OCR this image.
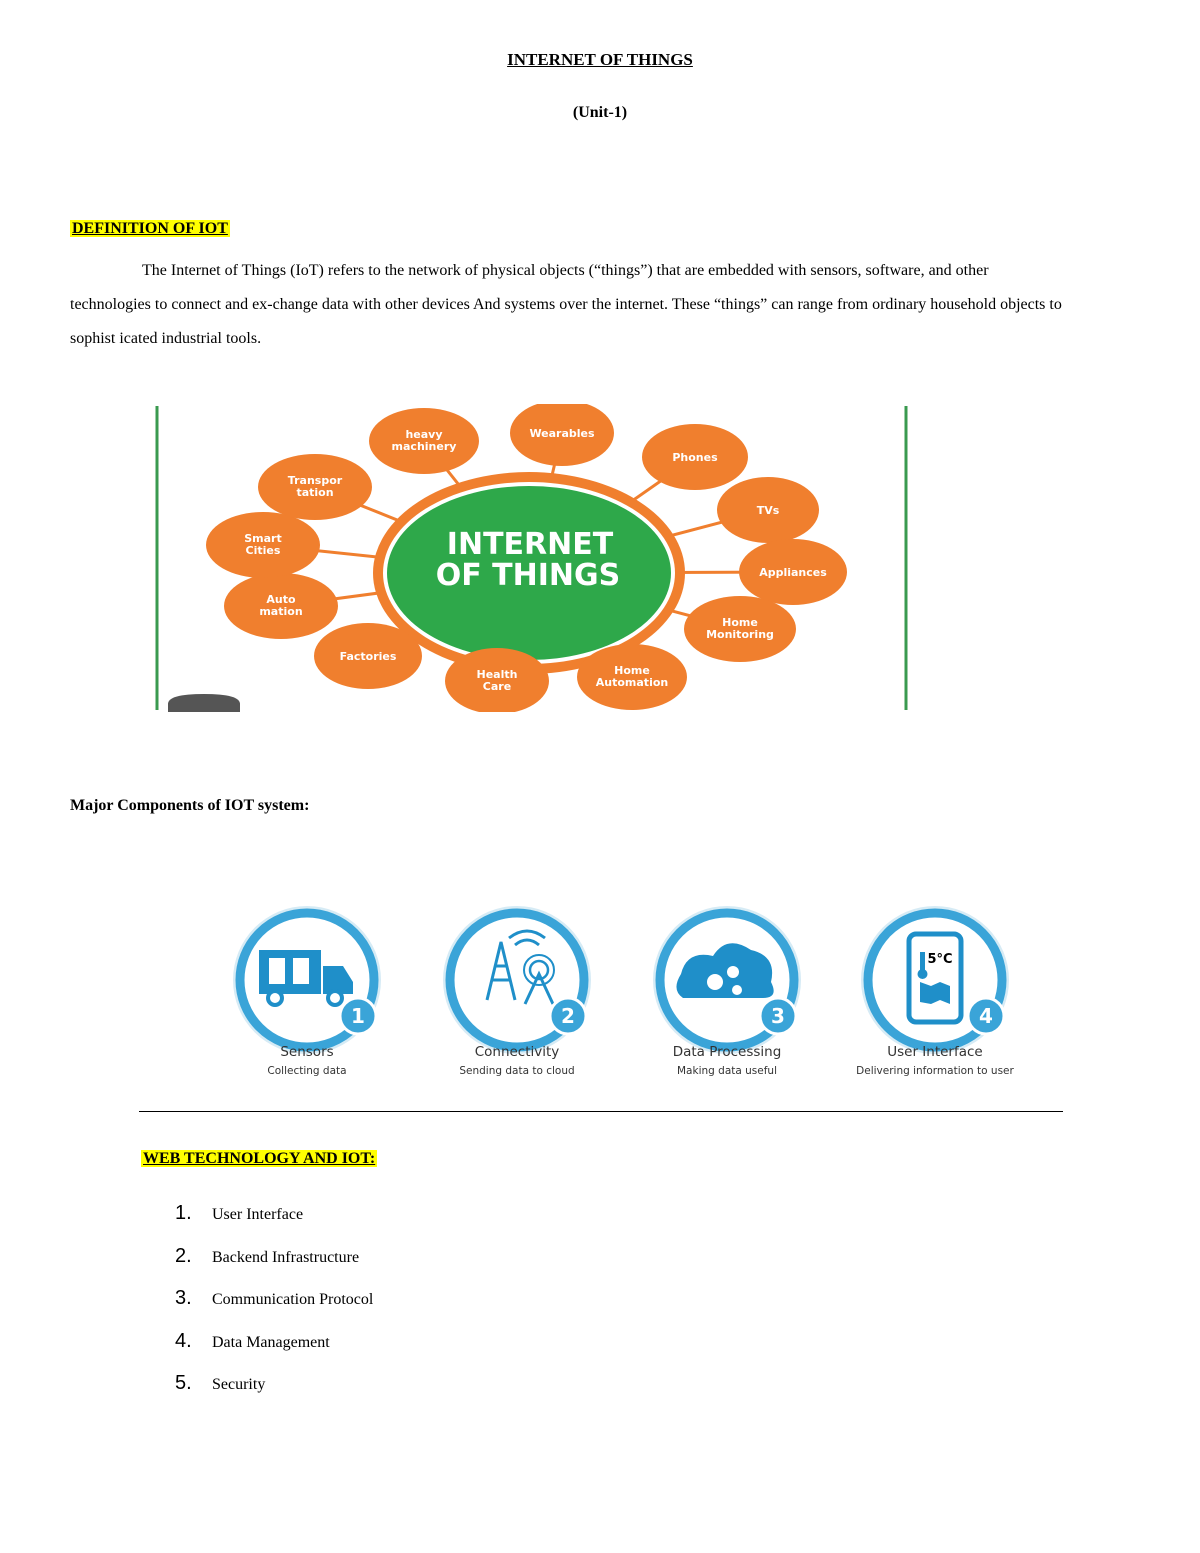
INTERNET OF THINGS
(Unit-1)
DEFINITION OF IOT
The Internet of Things (IoT) refers to the network of physical objects (“things”) that are embedded with sensors, software, and other technologies to connect and ex-change data with other devices And systems over the internet. These “things” can range from ordinary household objects to sophist icated industrial tools.
INTERNET
OF THINGS
heavy
machinery
Wearables
Phones
TVs
Appliances
Home
Monitoring
Home
Automation
Health
Care
Factories
Auto
mation
Smart
Cities
Transpor
tation
Major Components of IOT system:
1
Sensors
Collecting data
2
Connectivity
Sending data to cloud
3
Data Processing
Making data useful
5°C
4
User Interface
Delivering information to user
WEB TECHNOLOGY AND IOT:
1.	User Interface
2.	Backend Infrastructure
3.	Communication Protocol
4.	Data Management
5.	Security
